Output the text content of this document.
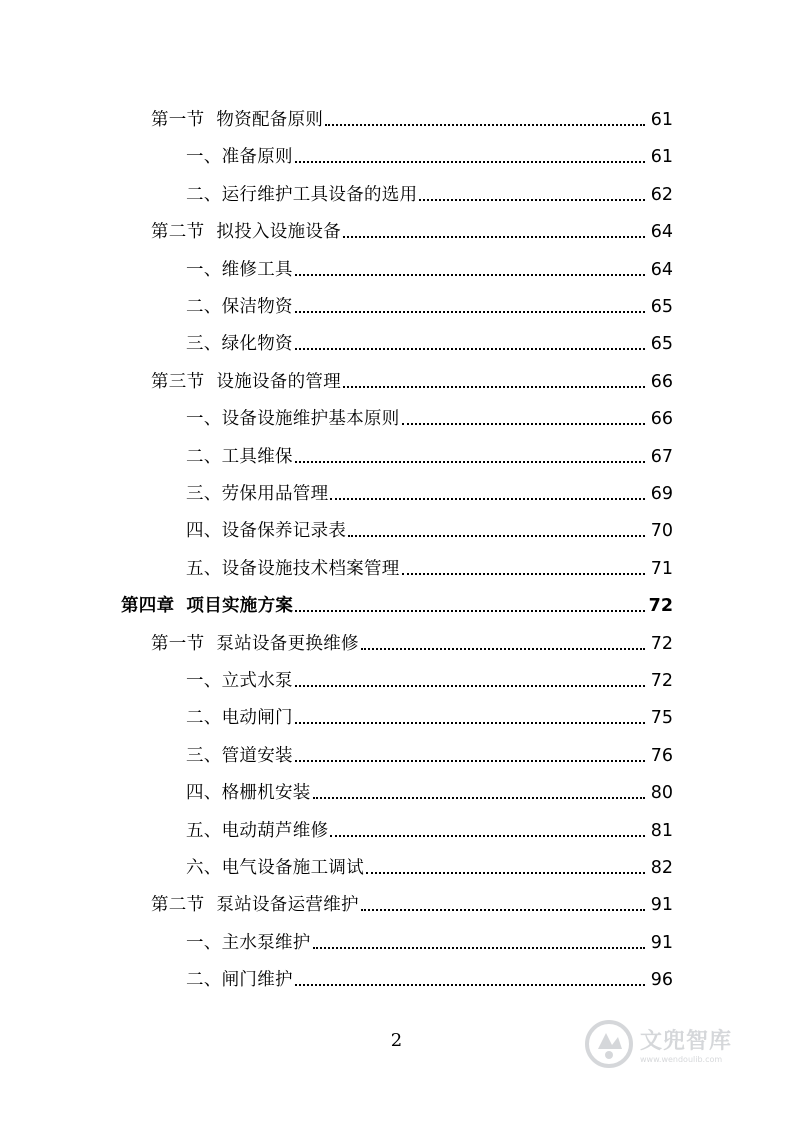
第一节 物资配备原则	61
一、准备原则	61
二、运行维护工具设备的选用	62
第二节 拟投入设施设备	64
一、维修工具	64
二、保洁物资	65
三、绿化物资	65
第三节 设施设备的管理	66
一、设备设施维护基本原则	66
二、工具维保	67
三、劳保用品管理	69
四、设备保养记录表	70
五、设备设施技术档案管理	71
第四章 项目实施方案	72
第一节 泵站设备更换维修	72
一、立式水泵	72
二、电动闸门	75
三、管道安装	76
四、格栅机安装	80
五、电动葫芦维修	81
六、电气设备施工调试	82
第二节 泵站设备运营维护	91
一、主水泵维护	91
二、闸门维护	96
2	文兜智库
www.wendoulib.com
